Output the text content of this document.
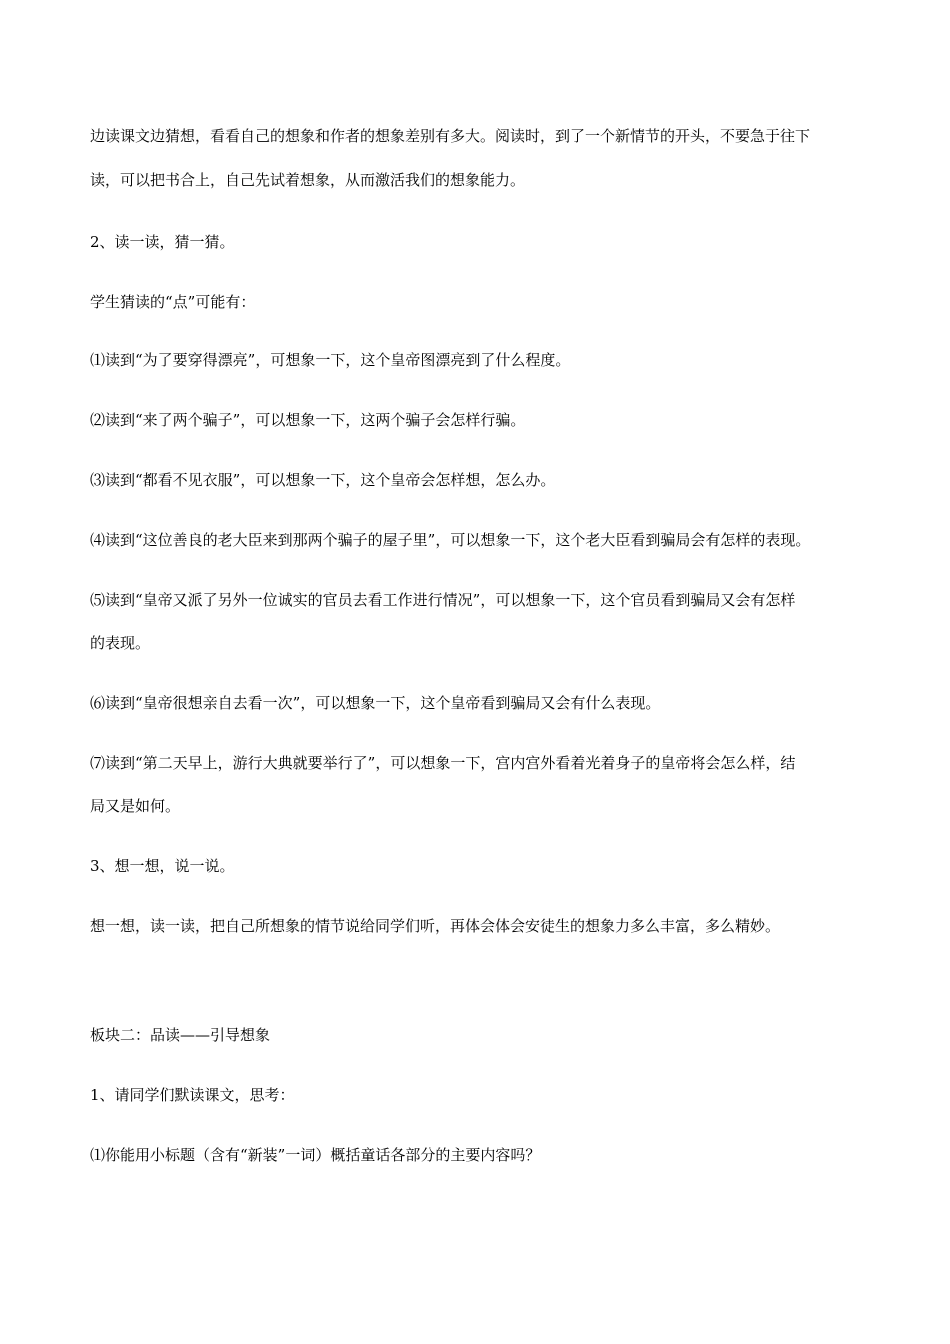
边读课文边猜想，看看自己的想象和作者的想象差别有多大。阅读时，到了一个新情节的开头，不要急于往下
读，可以把书合上，自己先试着想象，从而激活我们的想象能力。
2、读一读，猜一猜。
学生猜读的“点”可能有：
⑴读到“为了要穿得漂亮”，可想象一下，这个皇帝图漂亮到了什么程度。
⑵读到“来了两个骗子”，可以想象一下，这两个骗子会怎样行骗。
⑶读到“都看不见衣服”，可以想象一下，这个皇帝会怎样想，怎么办。
⑷读到“这位善良的老大臣来到那两个骗子的屋子里”，可以想象一下，这个老大臣看到骗局会有怎样的表现。
⑸读到“皇帝又派了另外一位诚实的官员去看工作进行情况”，可以想象一下，这个官员看到骗局又会有怎样
的表现。
⑹读到“皇帝很想亲自去看一次”，可以想象一下，这个皇帝看到骗局又会有什么表现。
⑺读到“第二天早上，游行大典就要举行了”，可以想象一下，宫内宫外看着光着身子的皇帝将会怎么样，结
局又是如何。
3、想一想，说一说。
想一想，读一读，把自己所想象的情节说给同学们听，再体会体会安徒生的想象力多么丰富，多么精妙。
板块二：品读——引导想象
1、请同学们默读课文，思考：
⑴你能用小标题（含有“新装”一词）概括童话各部分的主要内容吗？
